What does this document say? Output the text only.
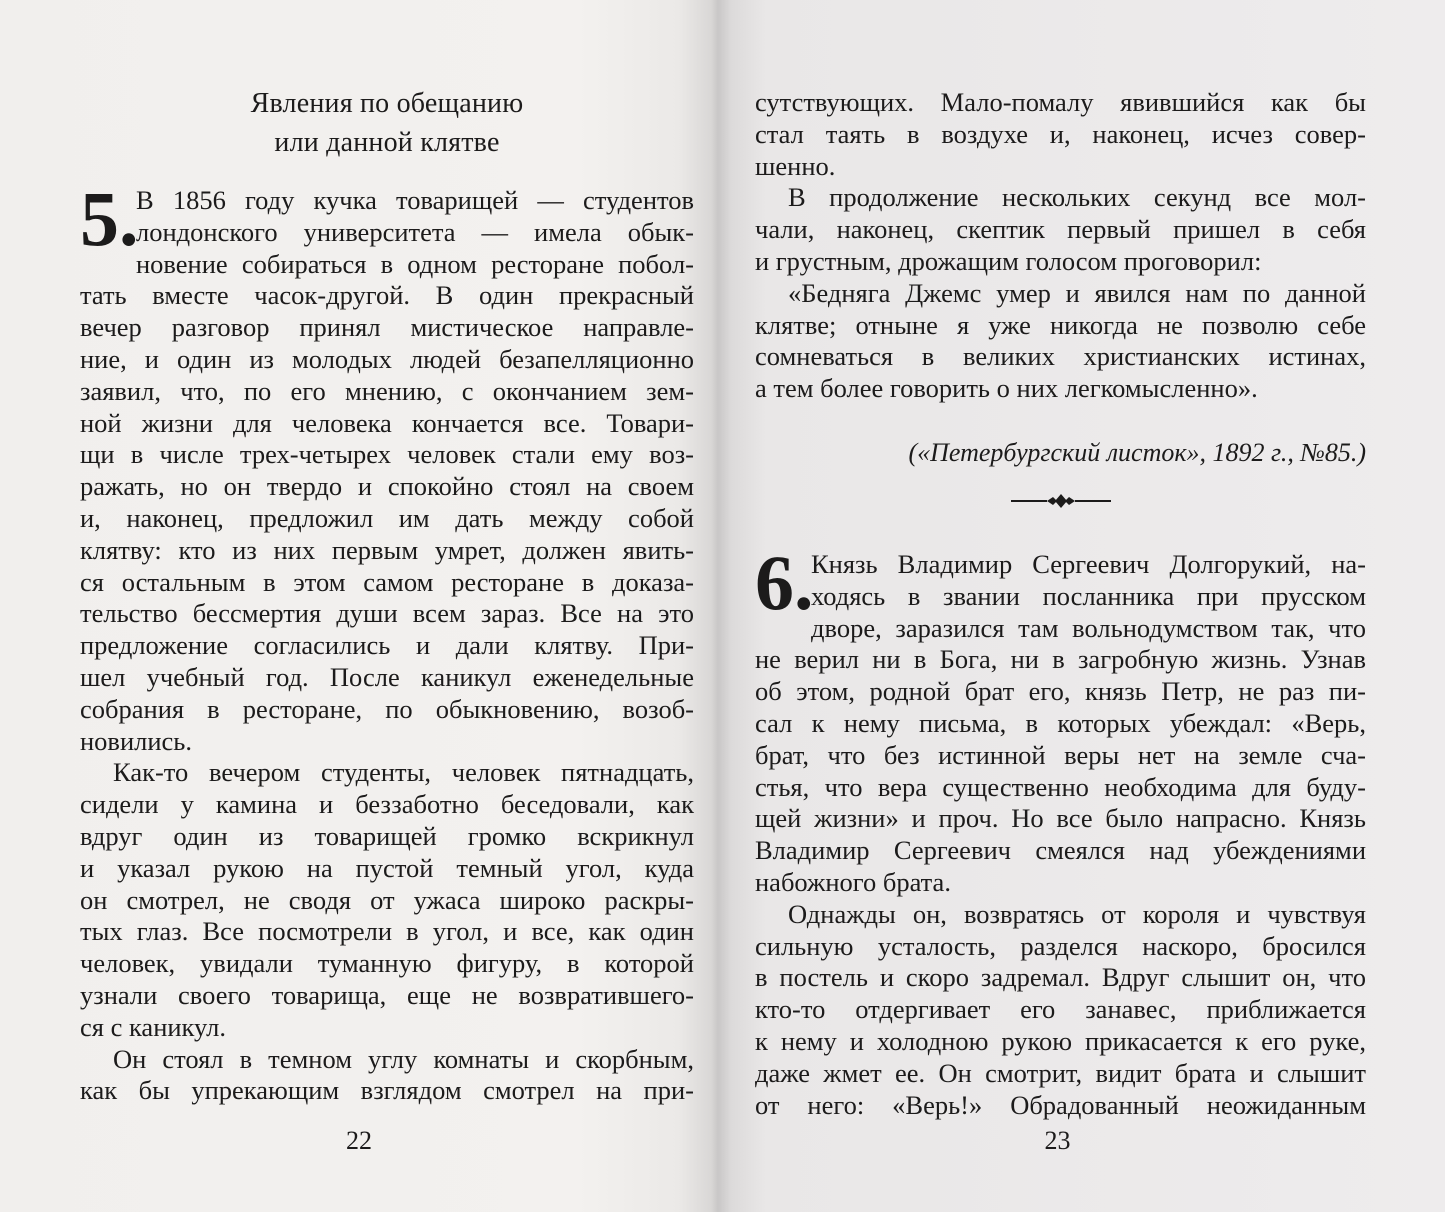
Явления по обещанию
или данной клятве
5.
В 1856 году кучка товарищей — студентов
лондонского университета — имела обык-
новение собираться в одном ресторане побол-
тать вместе часок-другой. В один прекрасный
вечер разговор принял мистическое направле-
ние, и один из молодых людей безапелляционно
заявил, что, по его мнению, с окончанием зем-
ной жизни для человека кончается все. Товари-
щи в числе трех-четырех человек стали ему воз-
ражать, но он твердо и спокойно стоял на своем
и, наконец, предложил им дать между собой
клятву: кто из них первым умрет, должен явить-
ся остальным в этом самом ресторане в доказа-
тельство бессмертия души всем зараз. Все на это
предложение согласились и дали клятву. При-
шел учебный год. После каникул еженедельные
собрания в ресторане, по обыкновению, возоб-
новились.
Как-то вечером студенты, человек пятнадцать,
сидели у камина и беззаботно беседовали, как
вдруг один из товарищей громко вскрикнул
и указал рукою на пустой темный угол, куда
он смотрел, не сводя от ужаса широко раскры-
тых глаз. Все посмотрели в угол, и все, как один
человек, увидали туманную фигуру, в которой
узнали своего товарища, еще не возвратившего-
ся с каникул.
Он стоял в темном углу комнаты и скорбным,
как бы упрекающим взглядом смотрел на при-
22
сутствующих. Мало-помалу явившийся как бы
стал таять в воздухе и, наконец, исчез совер-
шенно.
В продолжение нескольких секунд все мол-
чали, наконец, скептик первый пришел в себя
и грустным, дрожащим голосом проговорил:
«Бедняга Джемс умер и явился нам по данной
клятве; отныне я уже никогда не позволю себе
сомневаться в великих христианских истинах,
а тем более говорить о них легкомысленно».
(«Петербургский листок», 1892 г., №85.)
6.
Князь Владимир Сергеевич Долгорукий, на-
ходясь в звании посланника при прусском
дворе, заразился там вольнодумством так, что
не верил ни в Бога, ни в загробную жизнь. Узнав
об этом, родной брат его, князь Петр, не раз пи-
сал к нему письма, в которых убеждал: «Верь,
брат, что без истинной веры нет на земле сча-
стья, что вера существенно необходима для буду-
щей жизни» и проч. Но все было напрасно. Князь
Владимир Сергеевич смеялся над убеждениями
набожного брата.
Однажды он, возвратясь от короля и чувствуя
сильную усталость, разделся наскоро, бросился
в постель и скоро задремал. Вдруг слышит он, что
кто-то отдергивает его занавес, приближается
к нему и холодною рукою прикасается к его руке,
даже жмет ее. Он смотрит, видит брата и слышит
от него: «Верь!» Обрадованный неожиданным
23
